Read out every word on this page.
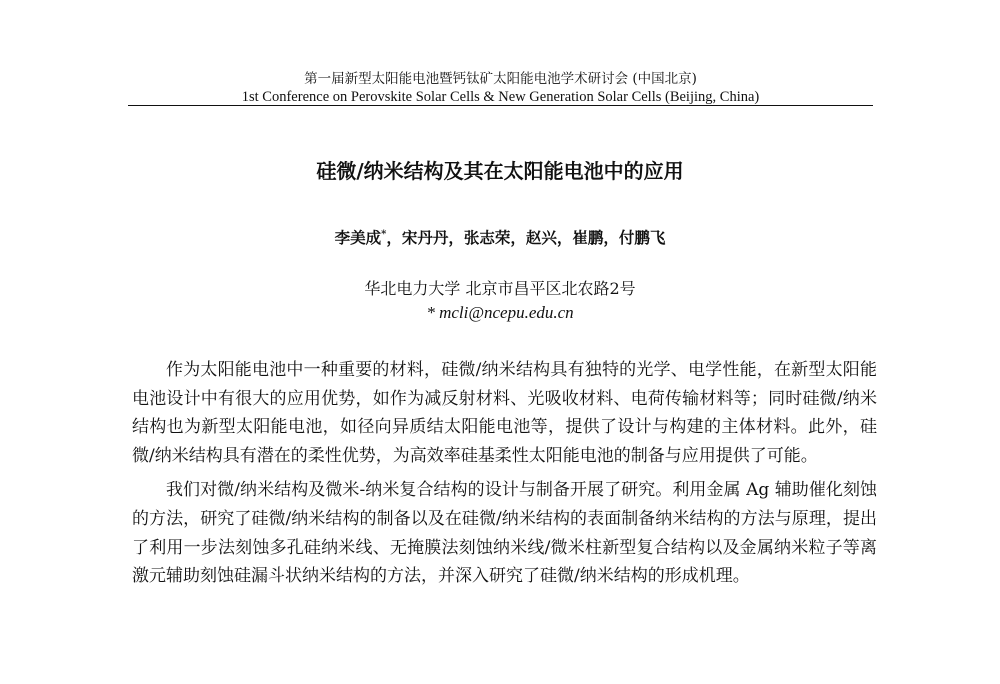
第一届新型太阳能电池暨钙钛矿太阳能电池学术研讨会 (中国北京)
1st Conference on Perovskite Solar Cells & New Generation Solar Cells (Beijing, China)
硅微/纳米结构及其在太阳能电池中的应用
李美成*，宋丹丹，张志荣，赵兴，崔鹏，付鹏飞
华北电力大学 北京市昌平区北农路2号
* mcli@ncepu.edu.cn

作为太阳能电池中一种重要的材料，硅微/纳米结构具有独特的光学、电学性能，在新型太阳能电池设计中有很大的应用优势，如作为减反射材料、光吸收材料、电荷传输材料等；同时硅微/纳米结构也为新型太阳能电池，如径向异质结太阳能电池等，提供了设计与构建的主体材料。此外，硅微/纳米结构具有潜在的柔性优势，为高效率硅基柔性太阳能电池的制备与应用提供了可能。

我们对微/纳米结构及微米-纳米复合结构的设计与制备开展了研究。利用金属 Ag 辅助催化刻蚀的方法，研究了硅微/纳米结构的制备以及在硅微/纳米结构的表面制备纳米结构的方法与原理，提出了利用一步法刻蚀多孔硅纳米线、无掩膜法刻蚀纳米线/微米柱新型复合结构以及金属纳米粒子等离激元辅助刻蚀硅漏斗状纳米结构的方法，并深入研究了硅微/纳米结构的形成机理。
